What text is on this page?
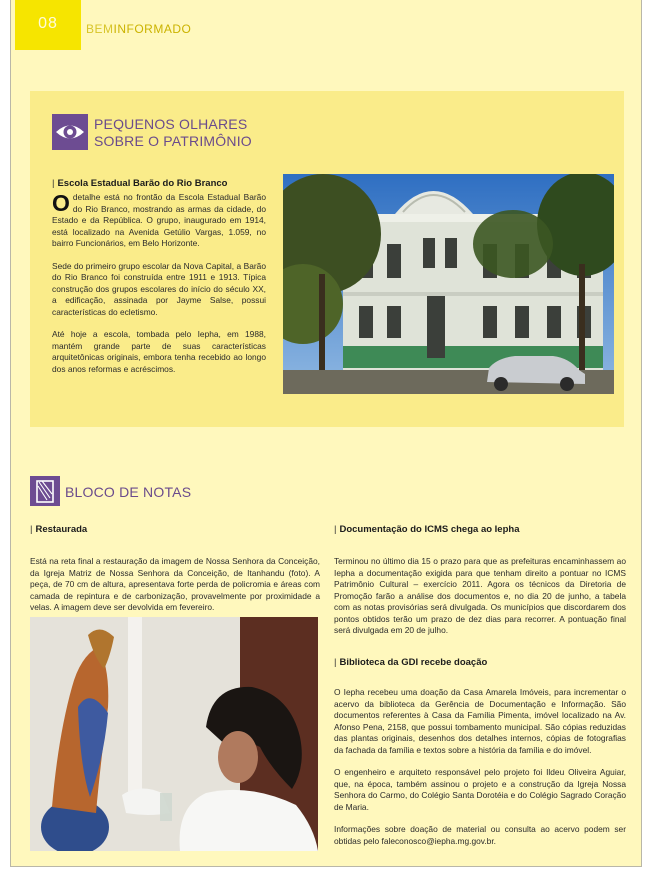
08	BEMINFORMADO
PEQUENOS OLHARES
SOBRE O PATRIMÔNIO
| Escola Estadual Barão do Rio Branco

Odetalhe está no frontão da Escola Estadual Barão do Rio Branco, mostrando as armas da cidade, do Estado e da República. O grupo, inaugurado em 1914, está localizado na Avenida Getúlio Vargas, 1.059, no bairro Funcionários, em Belo Horizonte.

Sede do primeiro grupo escolar da Nova Capital, a Barão do Rio Branco foi construída entre 1911 e 1913. Típica construção dos grupos escolares do início do século XX, a edificação, assinada por Jayme Salse, possui características do ecletismo.

Até hoje a escola, tombada pelo Iepha, em 1988, mantém grande parte de suas características arquitetônicas originais, embora tenha recebido ao longo dos anos reformas e acréscimos.

BLOCO DE NOTAS
| Restaurada
Está na reta final a restauração da imagem de Nossa Senhora da Conceição, da Igreja Matriz de Nossa Senhora da Conceição, de Itanhandu (foto). A peça, de 70 cm de altura, apresentava forte perda de policromia e áreas com camada de repintura e de carbonização, provavelmente por proximidade a velas. A imagem deve ser devolvida em fevereiro.
| Documentação do ICMS chega ao Iepha
Terminou no último dia 15 o prazo para que as prefeituras encaminhassem ao Iepha a documentação exigida para que tenham direito a pontuar no ICMS Patrimônio Cultural – exercício 2011. Agora os técnicos da Diretoria de Promoção farão a análise dos documentos e, no dia 20 de junho, a tabela com as notas provisórias será divulgada. Os municípios que discordarem dos pontos obtidos terão um prazo de dez dias para recorrer. A pontuação final será divulgada em 20 de julho.
| Biblioteca da GDI recebe doação

O Iepha recebeu uma doação da Casa Amarela Imóveis, para incrementar o acervo da biblioteca da Gerência de Documentação e Informação. São documentos referentes à Casa da Família Pimenta, imóvel localizado na Av. Afonso Pena, 2158, que possui tombamento municipal. São cópias reduzidas das plantas originais, desenhos dos detalhes internos, cópias de fotografias da fachada da família e textos sobre a história da família e do imóvel.

O engenheiro e arquiteto responsável pelo projeto foi Ildeu Oliveira Aguiar, que, na época, também assinou o projeto e a construção da Igreja Nossa Senhora do Carmo, do Colégio Santa Dorotéia e do Colégio Sagrado Coração de Maria.

Informações sobre doação de material ou consulta ao acervo podem ser obtidas pelo faleconosco@iepha.mg.gov.br.
